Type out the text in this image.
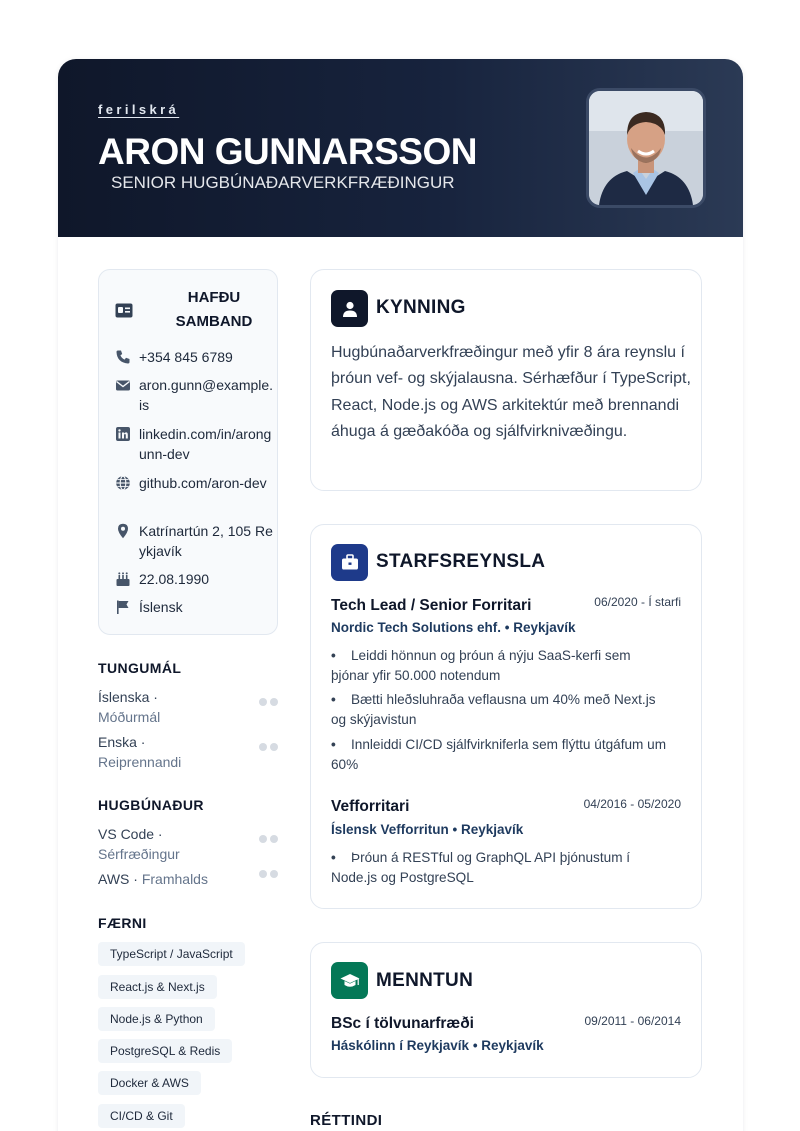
ferilskrá
ARON GUNNARSSON
SENIOR HUGBÚNAÐARVERKFRÆÐINGUR
HAFÐU SAMBAND
+354 845 6789
aron.gunn@example.is
linkedin.com/in/arongunn-dev
github.com/aron-dev
Katrínartún 2, 105 Reykjavík
22.08.1990
Íslensk
TUNGUMÁL
Íslenska ·
Móðurmál
Enska ·
Reiprennandi
HUGBÚNAÐUR
VS Code ·
Sérfræðingur
AWS · Framhalds
FÆRNI
TypeScript / JavaScript
React.js & Next.js
Node.js & Python
PostgreSQL & Redis
Docker & AWS
CI/CD & Git
KYNNING
Hugbúnaðarverkfræðingur með yfir 8 ára reynslu í þróun vef- og skýjalausna. Sérhæfður í TypeScript, React, Node.js og AWS arkitektúr með brennandi áhuga á gæðakóða og sjálfvirknivæðingu.
STARFSREYNSLA
Tech Lead / Senior Forritari	06/2020 - Í starfi
Nordic Tech Solutions ehf. • Reykjavík
• Leiddi hönnun og þróun á nýju SaaS-kerfi sem þjónar yfir 50.000 notendum
• Bætti hleðsluhraða veflausna um 40% með Next.js og skýjavistun
• Innleiddi CI/CD sjálfvirkniferla sem flýttu útgáfum um 60%
Vefforritari	04/2016 - 05/2020
Íslensk Vefforritun • Reykjavík
• Þróun á RESTful og GraphQL API þjónustum í Node.js og PostgreSQL
MENNTUN
BSc í tölvunarfræði	09/2011 - 06/2014
Háskólinn í Reykjavík • Reykjavík
RÉTTINDI
